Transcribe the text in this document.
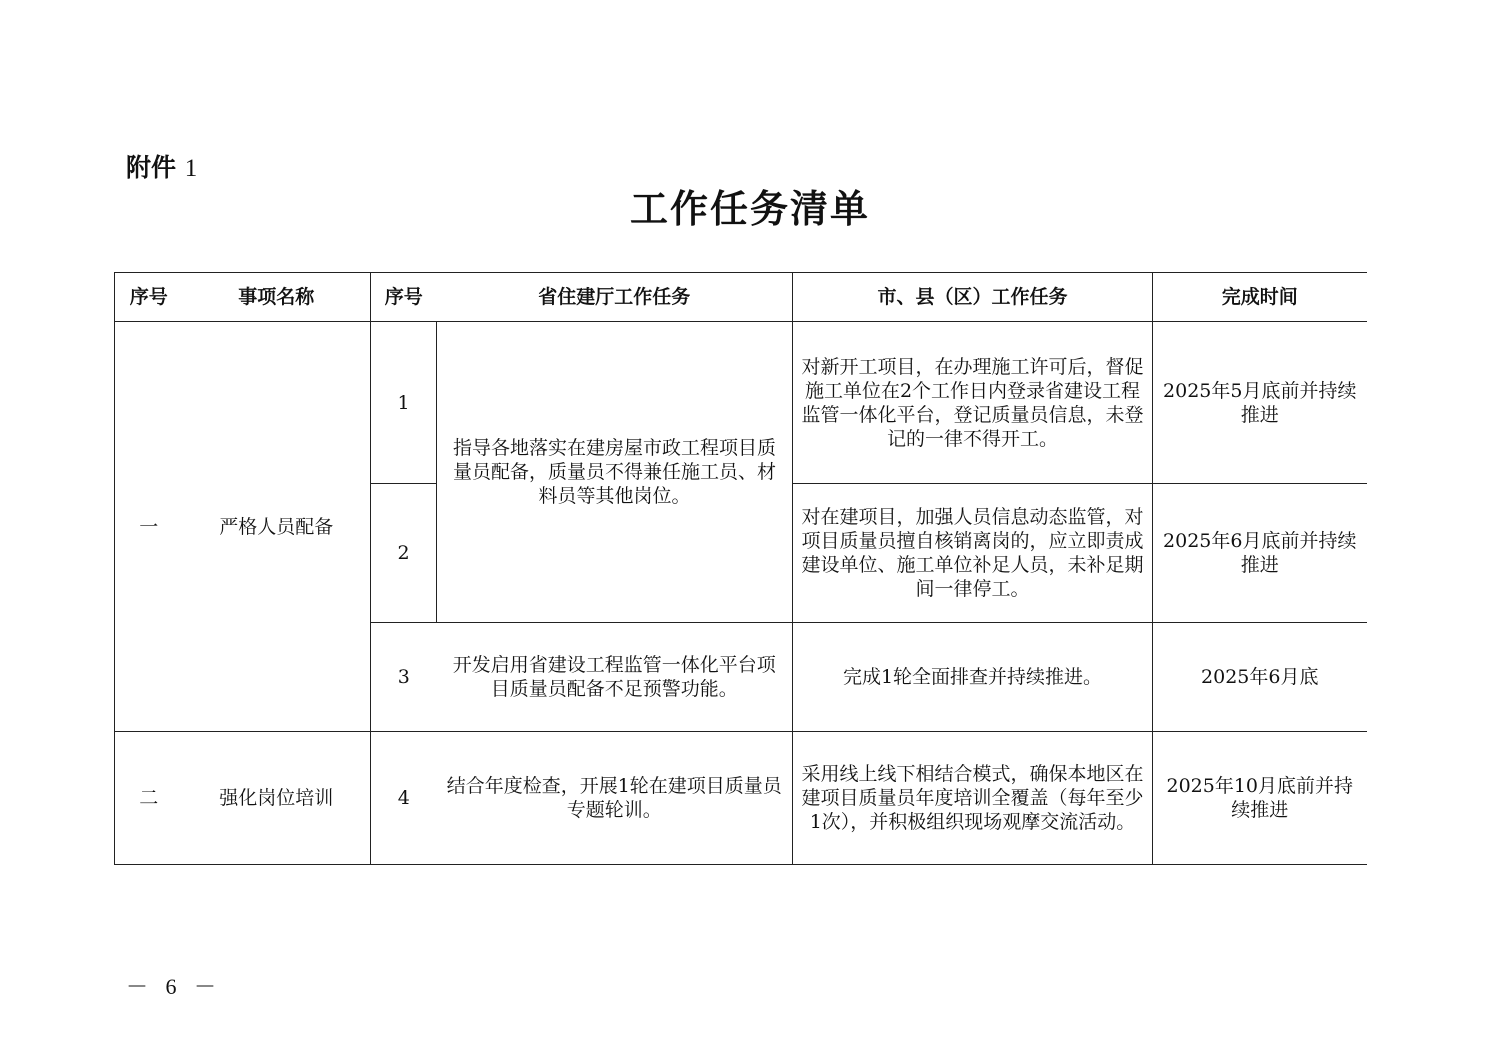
附件 1
工作任务清单
序号	事项名称	序号	省住建厅工作任务	市、县（区）工作任务	完成时间
一	严格人员配备	1	指导各地落实在建房屋市政工程项目质量员配备，质量员不得兼任施工员、材料员等其他岗位。	对新开工项目，在办理施工许可后，督促施工单位在2个工作日内登录省建设工程监管一体化平台，登记质量员信息，未登记的一律不得开工。	2025年5月底前并持续推进
		2		对在建项目，加强人员信息动态监管，对项目质量员擅自核销离岗的，应立即责成建设单位、施工单位补足人员，未补足期间一律停工。	2025年6月底前并持续推进
		3	开发启用省建设工程监管一体化平台项目质量员配备不足预警功能。	完成1轮全面排查并持续推进。	2025年6月底
二	强化岗位培训	4	结合年度检查，开展1轮在建项目质量员专题轮训。	采用线上线下相结合模式，确保本地区在建项目质量员年度培训全覆盖（每年至少1次），并积极组织现场观摩交流活动。	2025年10月底前并持续推进
－ 6 －
